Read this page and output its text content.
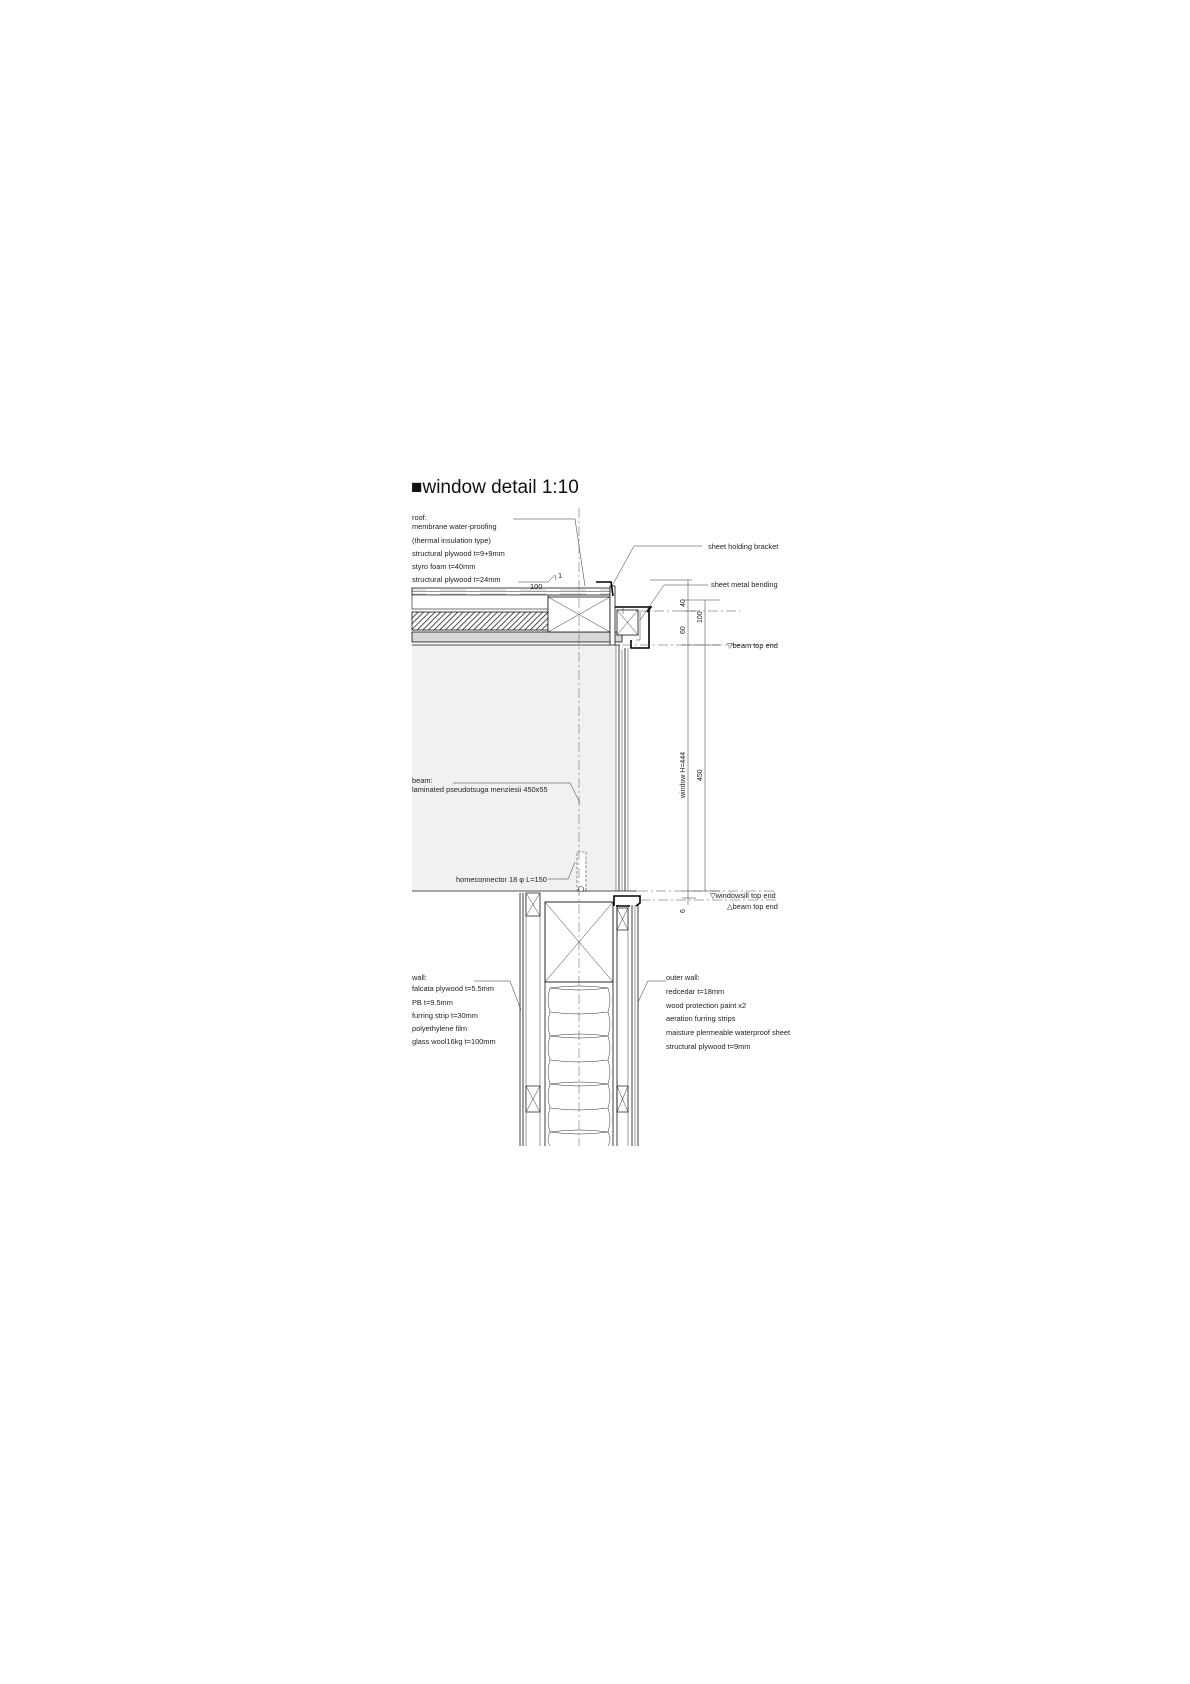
■window detail 1:10
40
60
100
window H=444 450
6
roof:
membrane water-proofing
(thermal insulation type)
structural plywood t=9+9mm
styro foam t=40mm
structural plywood t=24mm	1
100
sheet holding bracket
sheet metal bending
▽beam top end
▽windowsill top end
△beam top end
beam:
laminated pseudotsuga menziesii 450x55
homeconnector 18 φ L=150
wall:
falcata plywood t=5.5mm
PB t=9.5mm
furring strip t=30mm
polyethylene film
glass wool16kg t=100mm
outer wall:
redcedar t=18mm
wood protection paint x2
aeration furring strips
maisture plermeable waterproof sheet
structural plywood t=9mm
